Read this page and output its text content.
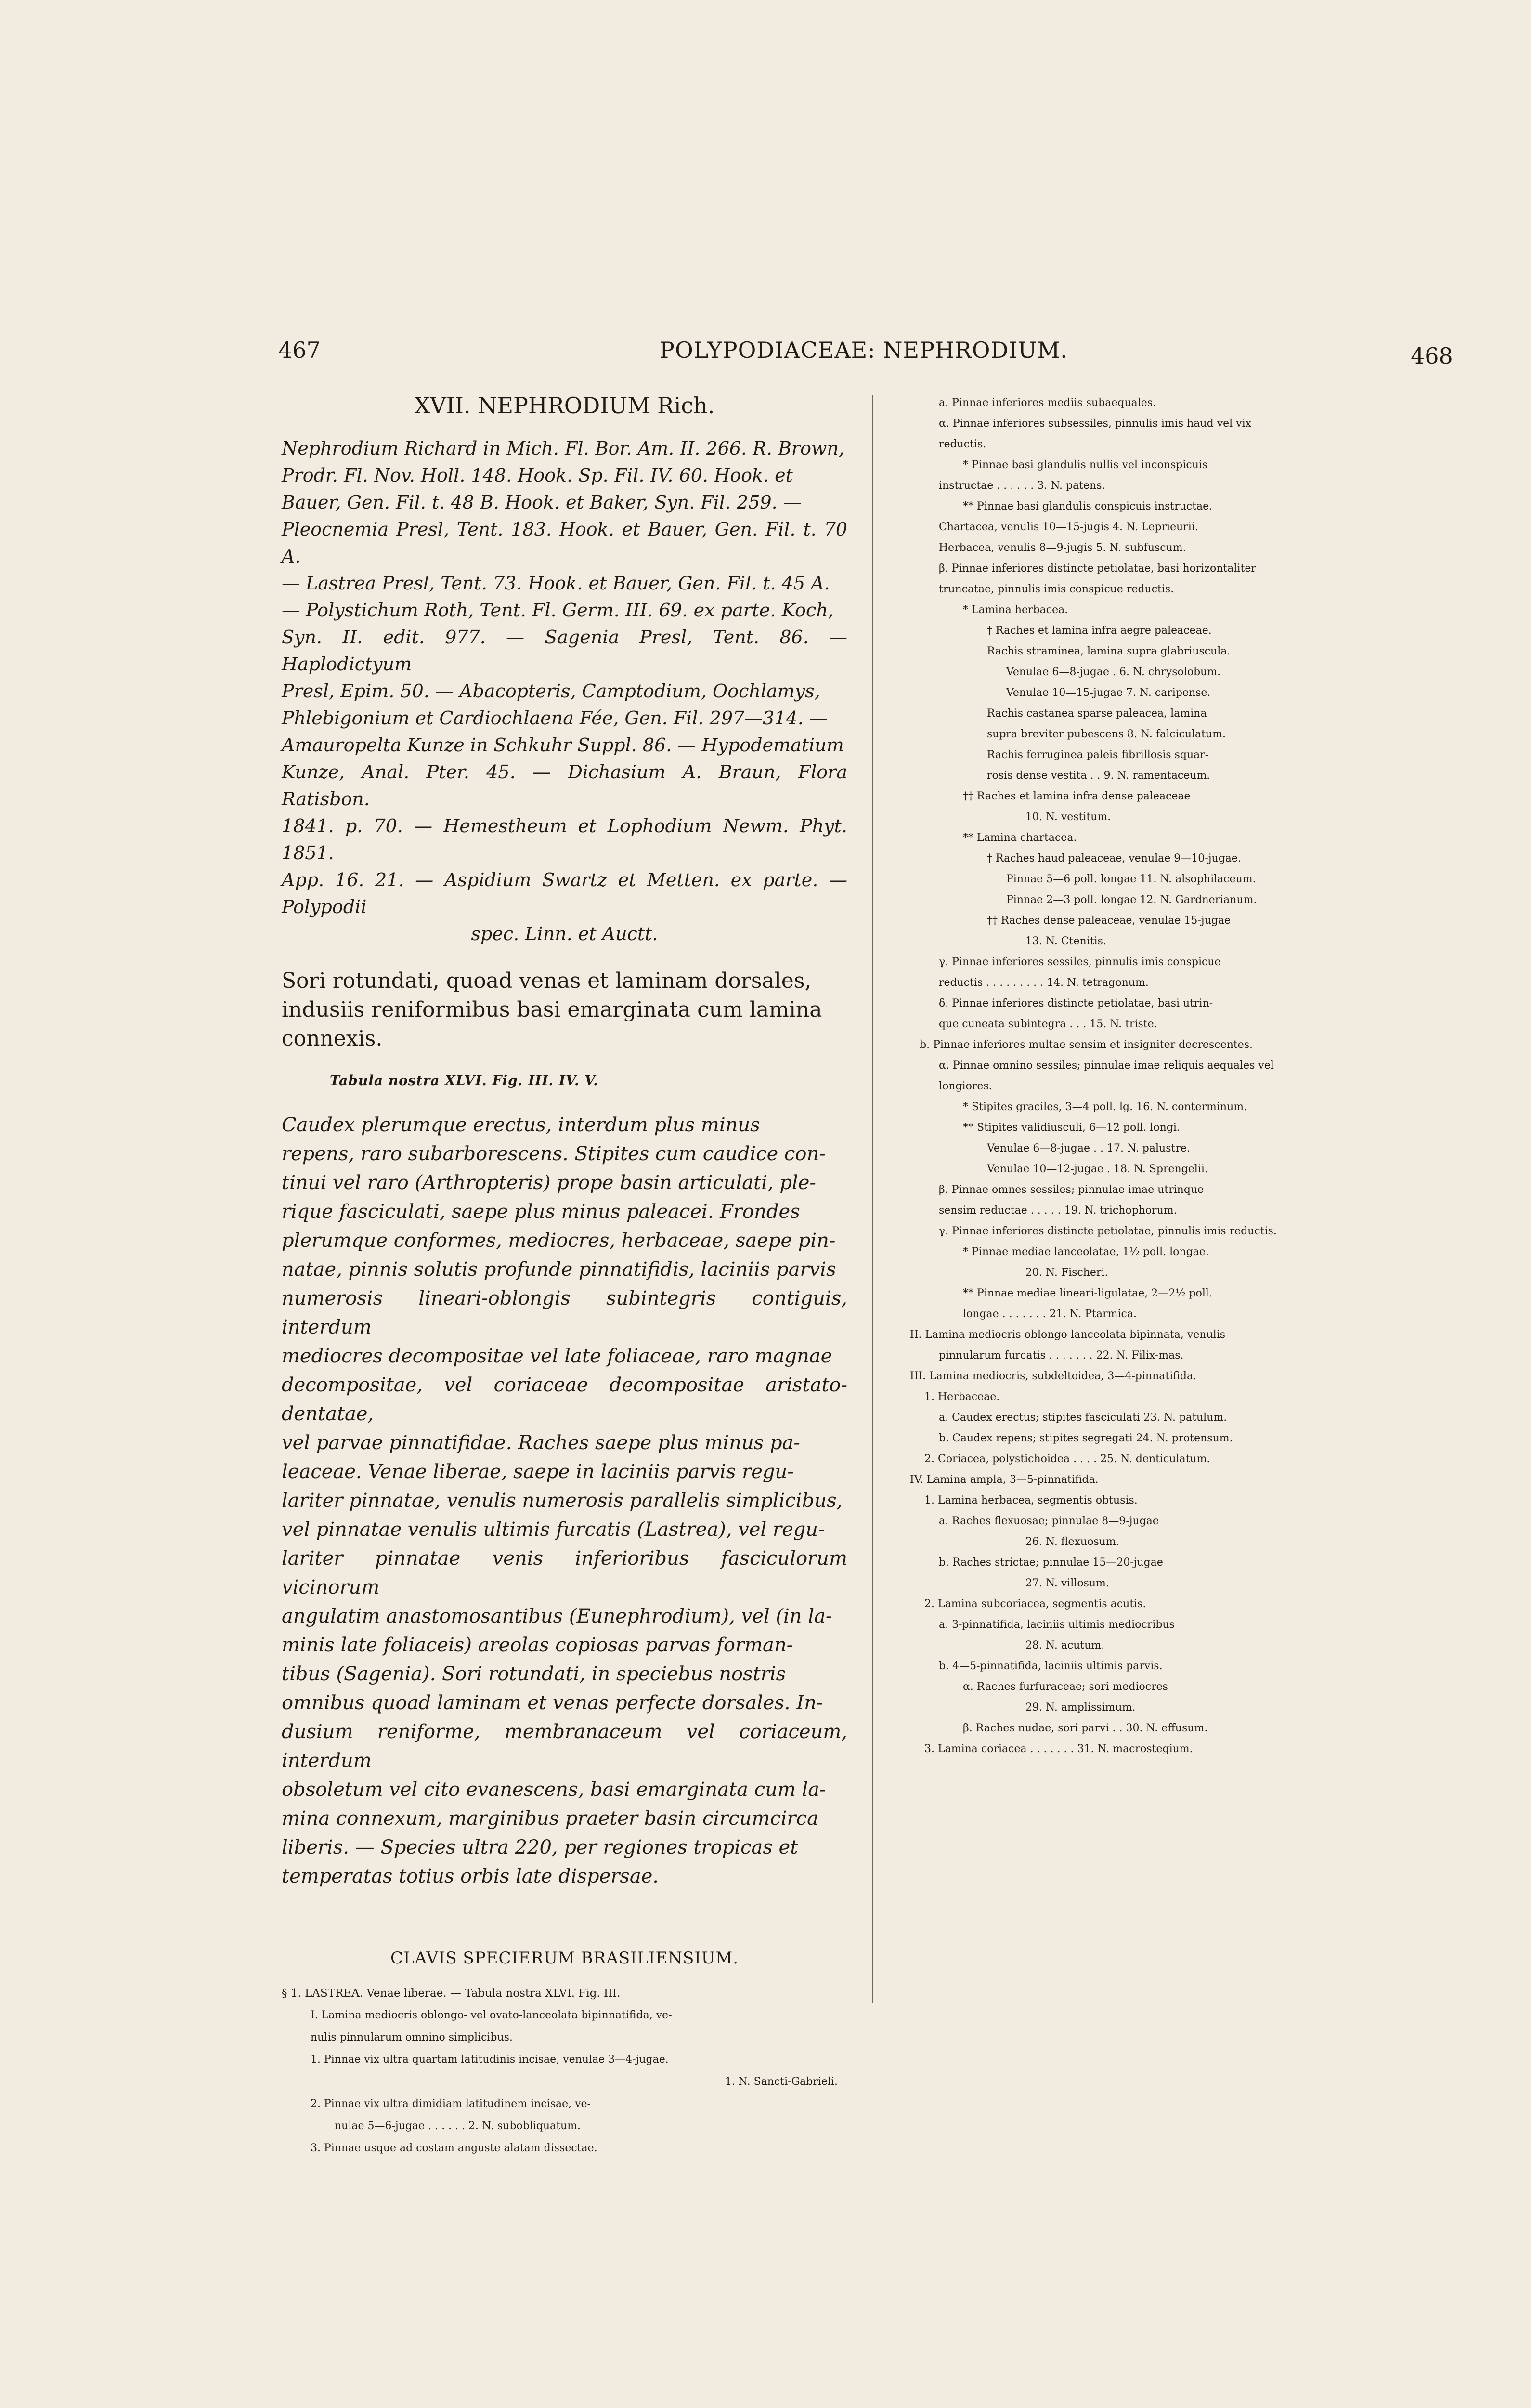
467	POLYPODIACEAE: NEPHRODIUM.	468
XVII. NEPHRODIUM Rich.
Nephrodium Richard in Mich. Fl. Bor. Am. II. 266. R. Brown,
Prodr. Fl. Nov. Holl. 148. Hook. Sp. Fil. IV. 60. Hook. et
Bauer, Gen. Fil. t. 48 B. Hook. et Baker, Syn. Fil. 259. —
Pleocnemia Presl, Tent. 183. Hook. et Bauer, Gen. Fil. t. 70 A.
— Lastrea Presl, Tent. 73. Hook. et Bauer, Gen. Fil. t. 45 A.
— Polystichum Roth, Tent. Fl. Germ. III. 69. ex parte. Koch,
Syn. II. edit. 977. — Sagenia Presl, Tent. 86. — Haplodictyum
Presl, Epim. 50. — Abacopteris, Camptodium, Oochlamys,
Phlebigonium et Cardiochlaena Fée, Gen. Fil. 297—314. —
Amauropelta Kunze in Schkuhr Suppl. 86. — Hypodematium
Kunze, Anal. Pter. 45. — Dichasium A. Braun, Flora Ratisbon.
1841. p. 70. — Hemestheum et Lophodium Newm. Phyt. 1851.
App. 16. 21. — Aspidium Swartz et Metten. ex parte. — Polypodii
spec. Linn. et Auctt.
Sori rotundati, quoad venas et laminam dorsales,
indusiis reniformibus basi emarginata cum lamina
connexis.
Tabula nostra XLVI. Fig. III. IV. V.
Caudex plerumque erectus, interdum plus minus
repens, raro subarborescens. Stipites cum caudice con-
tinui vel raro (Arthropteris) prope basin articulati, ple-
rique fasciculati, saepe plus minus paleacei. Frondes
plerumque conformes, mediocres, herbaceae, saepe pin-
natae, pinnis solutis profunde pinnatifidis, laciniis parvis
numerosis lineari-oblongis subintegris contiguis, interdum
mediocres decompositae vel late foliaceae, raro magnae
decompositae, vel coriaceae decompositae aristato-dentatae,
vel parvae pinnatifidae. Raches saepe plus minus pa-
leaceae. Venae liberae, saepe in laciniis parvis regu-
lariter pinnatae, venulis numerosis parallelis simplicibus,
vel pinnatae venulis ultimis furcatis (Lastrea), vel regu-
lariter pinnatae venis inferioribus fasciculorum vicinorum
angulatim anastomosantibus (Eunephrodium), vel (in la-
minis late foliaceis) areolas copiosas parvas forman-
tibus (Sagenia). Sori rotundati, in speciebus nostris
omnibus quoad laminam et venas perfecte dorsales. In-
dusium reniforme, membranaceum vel coriaceum, interdum
obsoletum vel cito evanescens, basi emarginata cum la-
mina connexum, marginibus praeter basin circumcirca
liberis. — Species ultra 220, per regiones tropicas et
temperatas totius orbis late dispersae.
CLAVIS SPECIERUM BRASILIENSIUM.
§ 1. LASTREA. Venae liberae. — Tabula nostra XLVI. Fig. III.
I. Lamina mediocris oblongo- vel ovato-lanceolata bipinnatifida, ve-
nulis pinnularum omnino simplicibus.
1. Pinnae vix ultra quartam latitudinis incisae, venulae 3—4-jugae.
1. N. Sancti-Gabrieli.
2. Pinnae vix ultra dimidiam latitudinem incisae, ve-
nulae 5—6-jugae . . . . . . 2. N. subobliquatum.
3. Pinnae usque ad costam anguste alatam dissectae.
a. Pinnae inferiores mediis subaequales.
α. Pinnae inferiores subsessiles, pinnulis imis haud vel vix
reductis.
* Pinnae basi glandulis nullis vel inconspicuis
instructae . . . . . . 3. N. patens.
** Pinnae basi glandulis conspicuis instructae.
Chartacea, venulis 10—15-jugis 4. N. Leprieurii.
Herbacea, venulis 8—9-jugis 5. N. subfuscum.
β. Pinnae inferiores distincte petiolatae, basi horizontaliter
truncatae, pinnulis imis conspicue reductis.
* Lamina herbacea.
† Raches et lamina infra aegre paleaceae.
Rachis straminea, lamina supra glabriuscula.
Venulae 6—8-jugae . 6. N. chrysolobum.
Venulae 10—15-jugae 7. N. caripense.
Rachis castanea sparse paleacea, lamina
supra breviter pubescens 8. N. falciculatum.
Rachis ferruginea paleis fibrillosis squar-
rosis dense vestita . . 9. N. ramentaceum.
†† Raches et lamina infra dense paleaceae
10. N. vestitum.
** Lamina chartacea.
† Raches haud paleaceae, venulae 9—10-jugae.
Pinnae 5—6 poll. longae 11. N. alsophilaceum.
Pinnae 2—3 poll. longae 12. N. Gardnerianum.
†† Raches dense paleaceae, venulae 15-jugae
13. N. Ctenitis.
γ. Pinnae inferiores sessiles, pinnulis imis conspicue
reductis . . . . . . . . . 14. N. tetragonum.
δ. Pinnae inferiores distincte petiolatae, basi utrin-
que cuneata subintegra . . . 15. N. triste.
b. Pinnae inferiores multae sensim et insigniter decrescentes.
α. Pinnae omnino sessiles; pinnulae imae reliquis aequales vel
longiores.
* Stipites graciles, 3—4 poll. lg. 16. N. conterminum.
** Stipites validiusculi, 6—12 poll. longi.
Venulae 6—8-jugae . . 17. N. palustre.
Venulae 10—12-jugae . 18. N. Sprengelii.
β. Pinnae omnes sessiles; pinnulae imae utrinque
sensim reductae . . . . . 19. N. trichophorum.
γ. Pinnae inferiores distincte petiolatae, pinnulis imis reductis.
* Pinnae mediae lanceolatae, 1½ poll. longae.
20. N. Fischeri.
** Pinnae mediae lineari-ligulatae, 2—2½ poll.
longae . . . . . . . 21. N. Ptarmica.
II. Lamina mediocris oblongo-lanceolata bipinnata, venulis
pinnularum furcatis . . . . . . . 22. N. Filix-mas.
III. Lamina mediocris, subdeltoidea, 3—4-pinnatifida.
1. Herbaceae.
a. Caudex erectus; stipites fasciculati 23. N. patulum.
b. Caudex repens; stipites segregati 24. N. protensum.
2. Coriacea, polystichoidea . . . . 25. N. denticulatum.
IV. Lamina ampla, 3—5-pinnatifida.
1. Lamina herbacea, segmentis obtusis.
a. Raches flexuosae; pinnulae 8—9-jugae
26. N. flexuosum.
b. Raches strictae; pinnulae 15—20-jugae
27. N. villosum.
2. Lamina subcoriacea, segmentis acutis.
a. 3-pinnatifida, laciniis ultimis mediocribus
28. N. acutum.
b. 4—5-pinnatifida, laciniis ultimis parvis.
α. Raches furfuraceae; sori mediocres
29. N. amplissimum.
β. Raches nudae, sori parvi . . 30. N. effusum.
3. Lamina coriacea . . . . . . . 31. N. macrostegium.
